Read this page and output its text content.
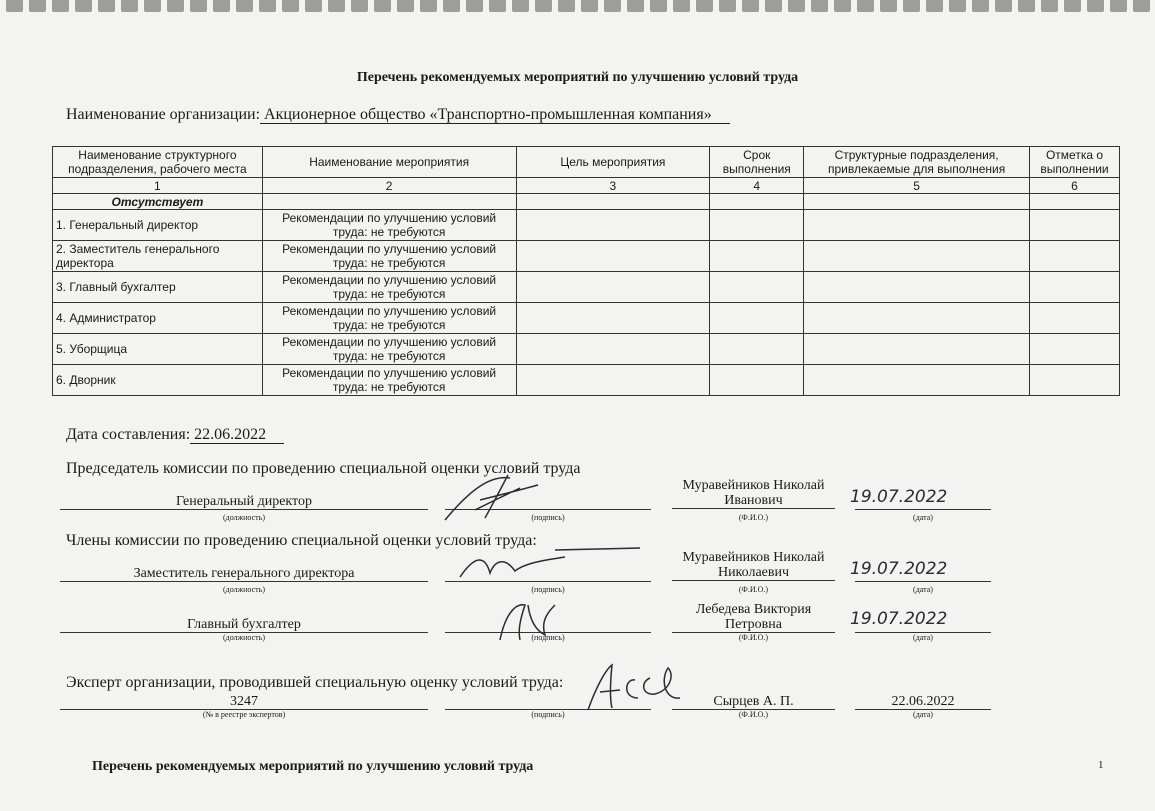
Перечень рекомендуемых мероприятий по улучшению условий труда
Наименование организации: Акционерное общество «Транспортно-промышленная компания»
Наименование структурного подразделения, рабочего места	Наименование мероприятия	Цель мероприятия	Срок выполнения	Структурные подразделения, привлекаемые для выполнения	Отметка о выполнении
1	2	3	4	5	6
Отсутствует					
1. Генеральный директор	Рекомендации по улучшению условий труда: не требуются				
2. Заместитель генерального директора	Рекомендации по улучшению условий труда: не требуются				
3. Главный бухгалтер	Рекомендации по улучшению условий труда: не требуются				
4. Администратор	Рекомендации по улучшению условий труда: не требуются				
5. Уборщица	Рекомендации по улучшению условий труда: не требуются				
6. Дворник	Рекомендации по улучшению условий труда: не требуются				
Дата составления: 22.06.2022
Председатель комиссии по проведению специальной оценки условий труда
Генеральный директор
(должность)	(подпись)
Муравейников Николай Иванович
(Ф.И.О.)
19.07.2022
(дата)
Члены комиссии по проведению специальной оценки условий труда:
Заместитель генерального директора
(должность)	(подпись)
Муравейников Николай Николаевич
(Ф.И.О.)
19.07.2022
(дата)
Главный бухгалтер
(должность)	(подпись)
Лебедева Виктория Петровна
(Ф.И.О.)
19.07.2022
(дата)
Эксперт организации, проводившей специальную оценку условий труда:
3247
(№ в реестре экспертов)	(подпись)
Сырцев А. П.
(Ф.И.О.)
22.06.2022
(дата)
Перечень рекомендуемых мероприятий по улучшению условий труда	1
